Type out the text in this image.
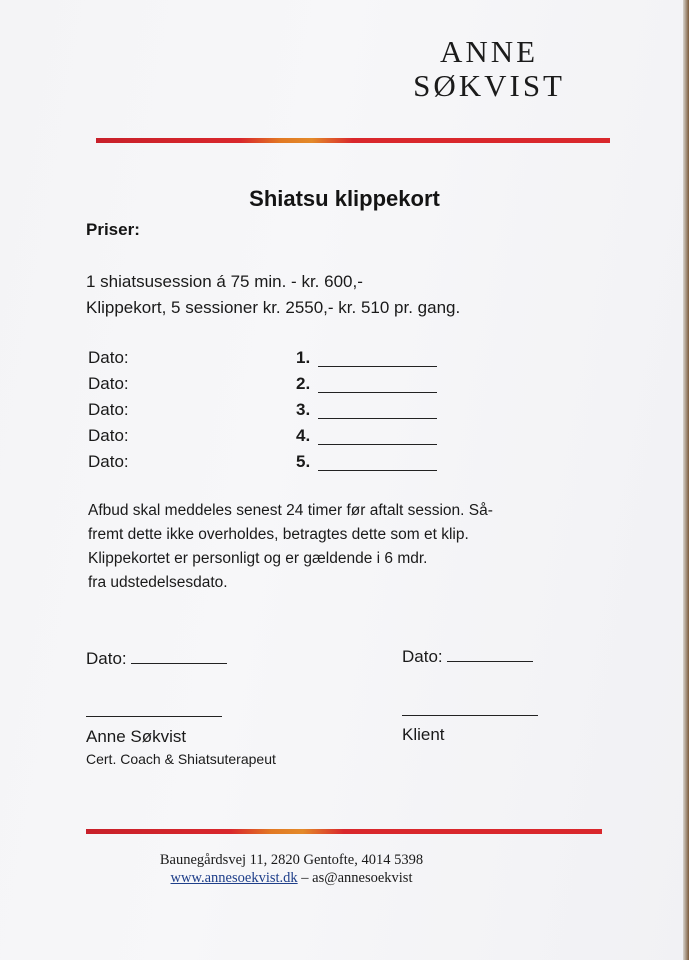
ANNE
SØKVIST
Shiatsu klippekort
Priser:
1 shiatsusession á 75 min. - kr. 600,-
Klippekort, 5 sessioner kr. 2550,- kr. 510 pr. gang.
Dato:	1.
Dato:	2.
Dato:	3.
Dato:	4.
Dato:	5.
Afbud skal meddeles senest 24 timer før aftalt session. Så-
fremt dette ikke overholdes, betragtes dette som et klip.
Klippekortet er personligt og er gældende i 6 mdr.
fra udstedelsesdato.
Dato:	Dato:
Anne Søkvist
Cert. Coach & Shiatsuterapeut
Klient
Baunegårdsvej 11, 2820 Gentofte, 4014 5398
www.annesoekvist.dk – as@annesoekvist
